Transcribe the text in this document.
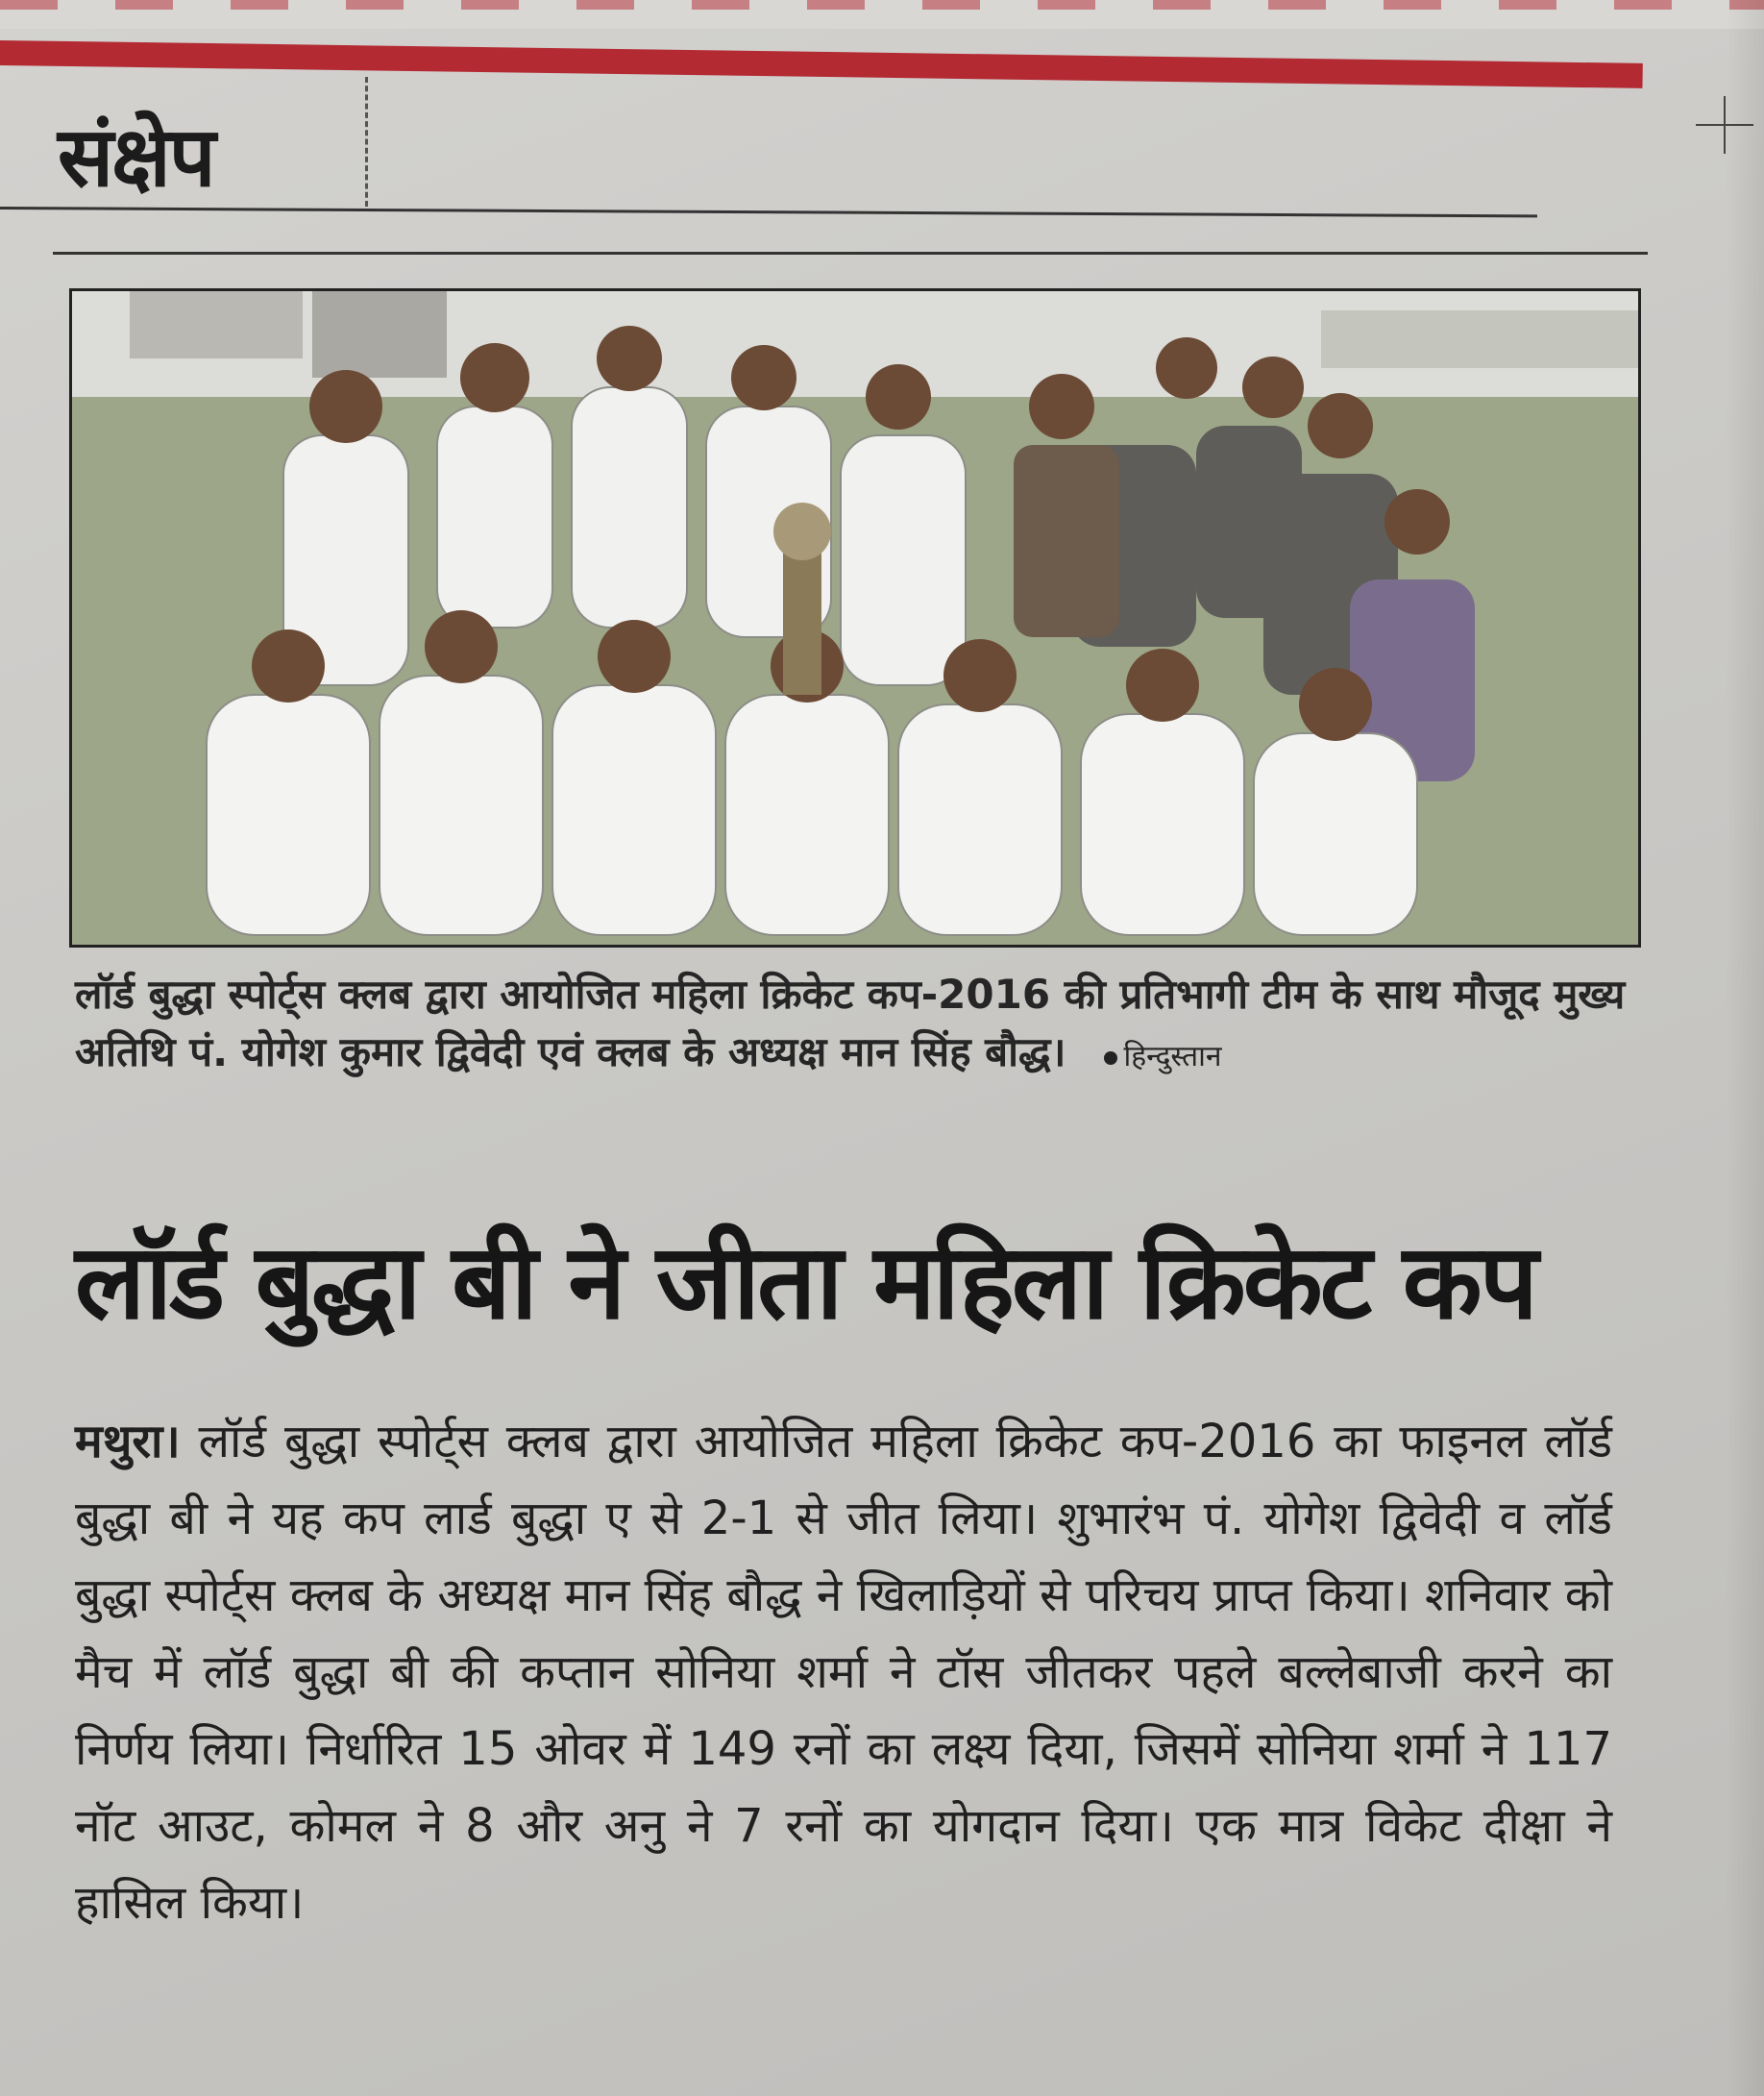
संक्षेप
लॉर्ड बुद्धा स्पोर्ट्स क्लब द्वारा आयोजित महिला क्रिकेट कप-2016 की प्रतिभागी टीम के साथ मौजूद मुख्य अतिथि पं. योगेश कुमार द्विवेदी एवं क्लब के अध्यक्ष मान सिंह बौद्ध। हिन्दुस्तान
लॉर्ड बुद्धा बी ने जीता महिला क्रिकेट कप
मथुरा। लॉर्ड बुद्धा स्पोर्ट्स क्लब द्वारा आयोजित महिला क्रिकेट कप-2016 का फाइनल लॉर्ड बुद्धा बी ने यह कप लार्ड बुद्धा ए से 2-1 से जीत लिया। शुभारंभ पं. योगेश द्विवेदी व लॉर्ड बुद्धा स्पोर्ट्स क्लब के अध्यक्ष मान सिंह बौद्ध ने खिलाड़ियों से परिचय प्राप्त किया। शनिवार को मैच में लॉर्ड बुद्धा बी की कप्तान सोनिया शर्मा ने टॉस जीतकर पहले बल्लेबाजी करने का निर्णय लिया। निर्धारित 15 ओवर में 149 रनों का लक्ष्य दिया, जिसमें सोनिया शर्मा ने 117 नॉट आउट, कोमल ने 8 और अनु ने 7 रनों का योगदान दिया। एक मात्र विकेट दीक्षा ने हासिल किया।
